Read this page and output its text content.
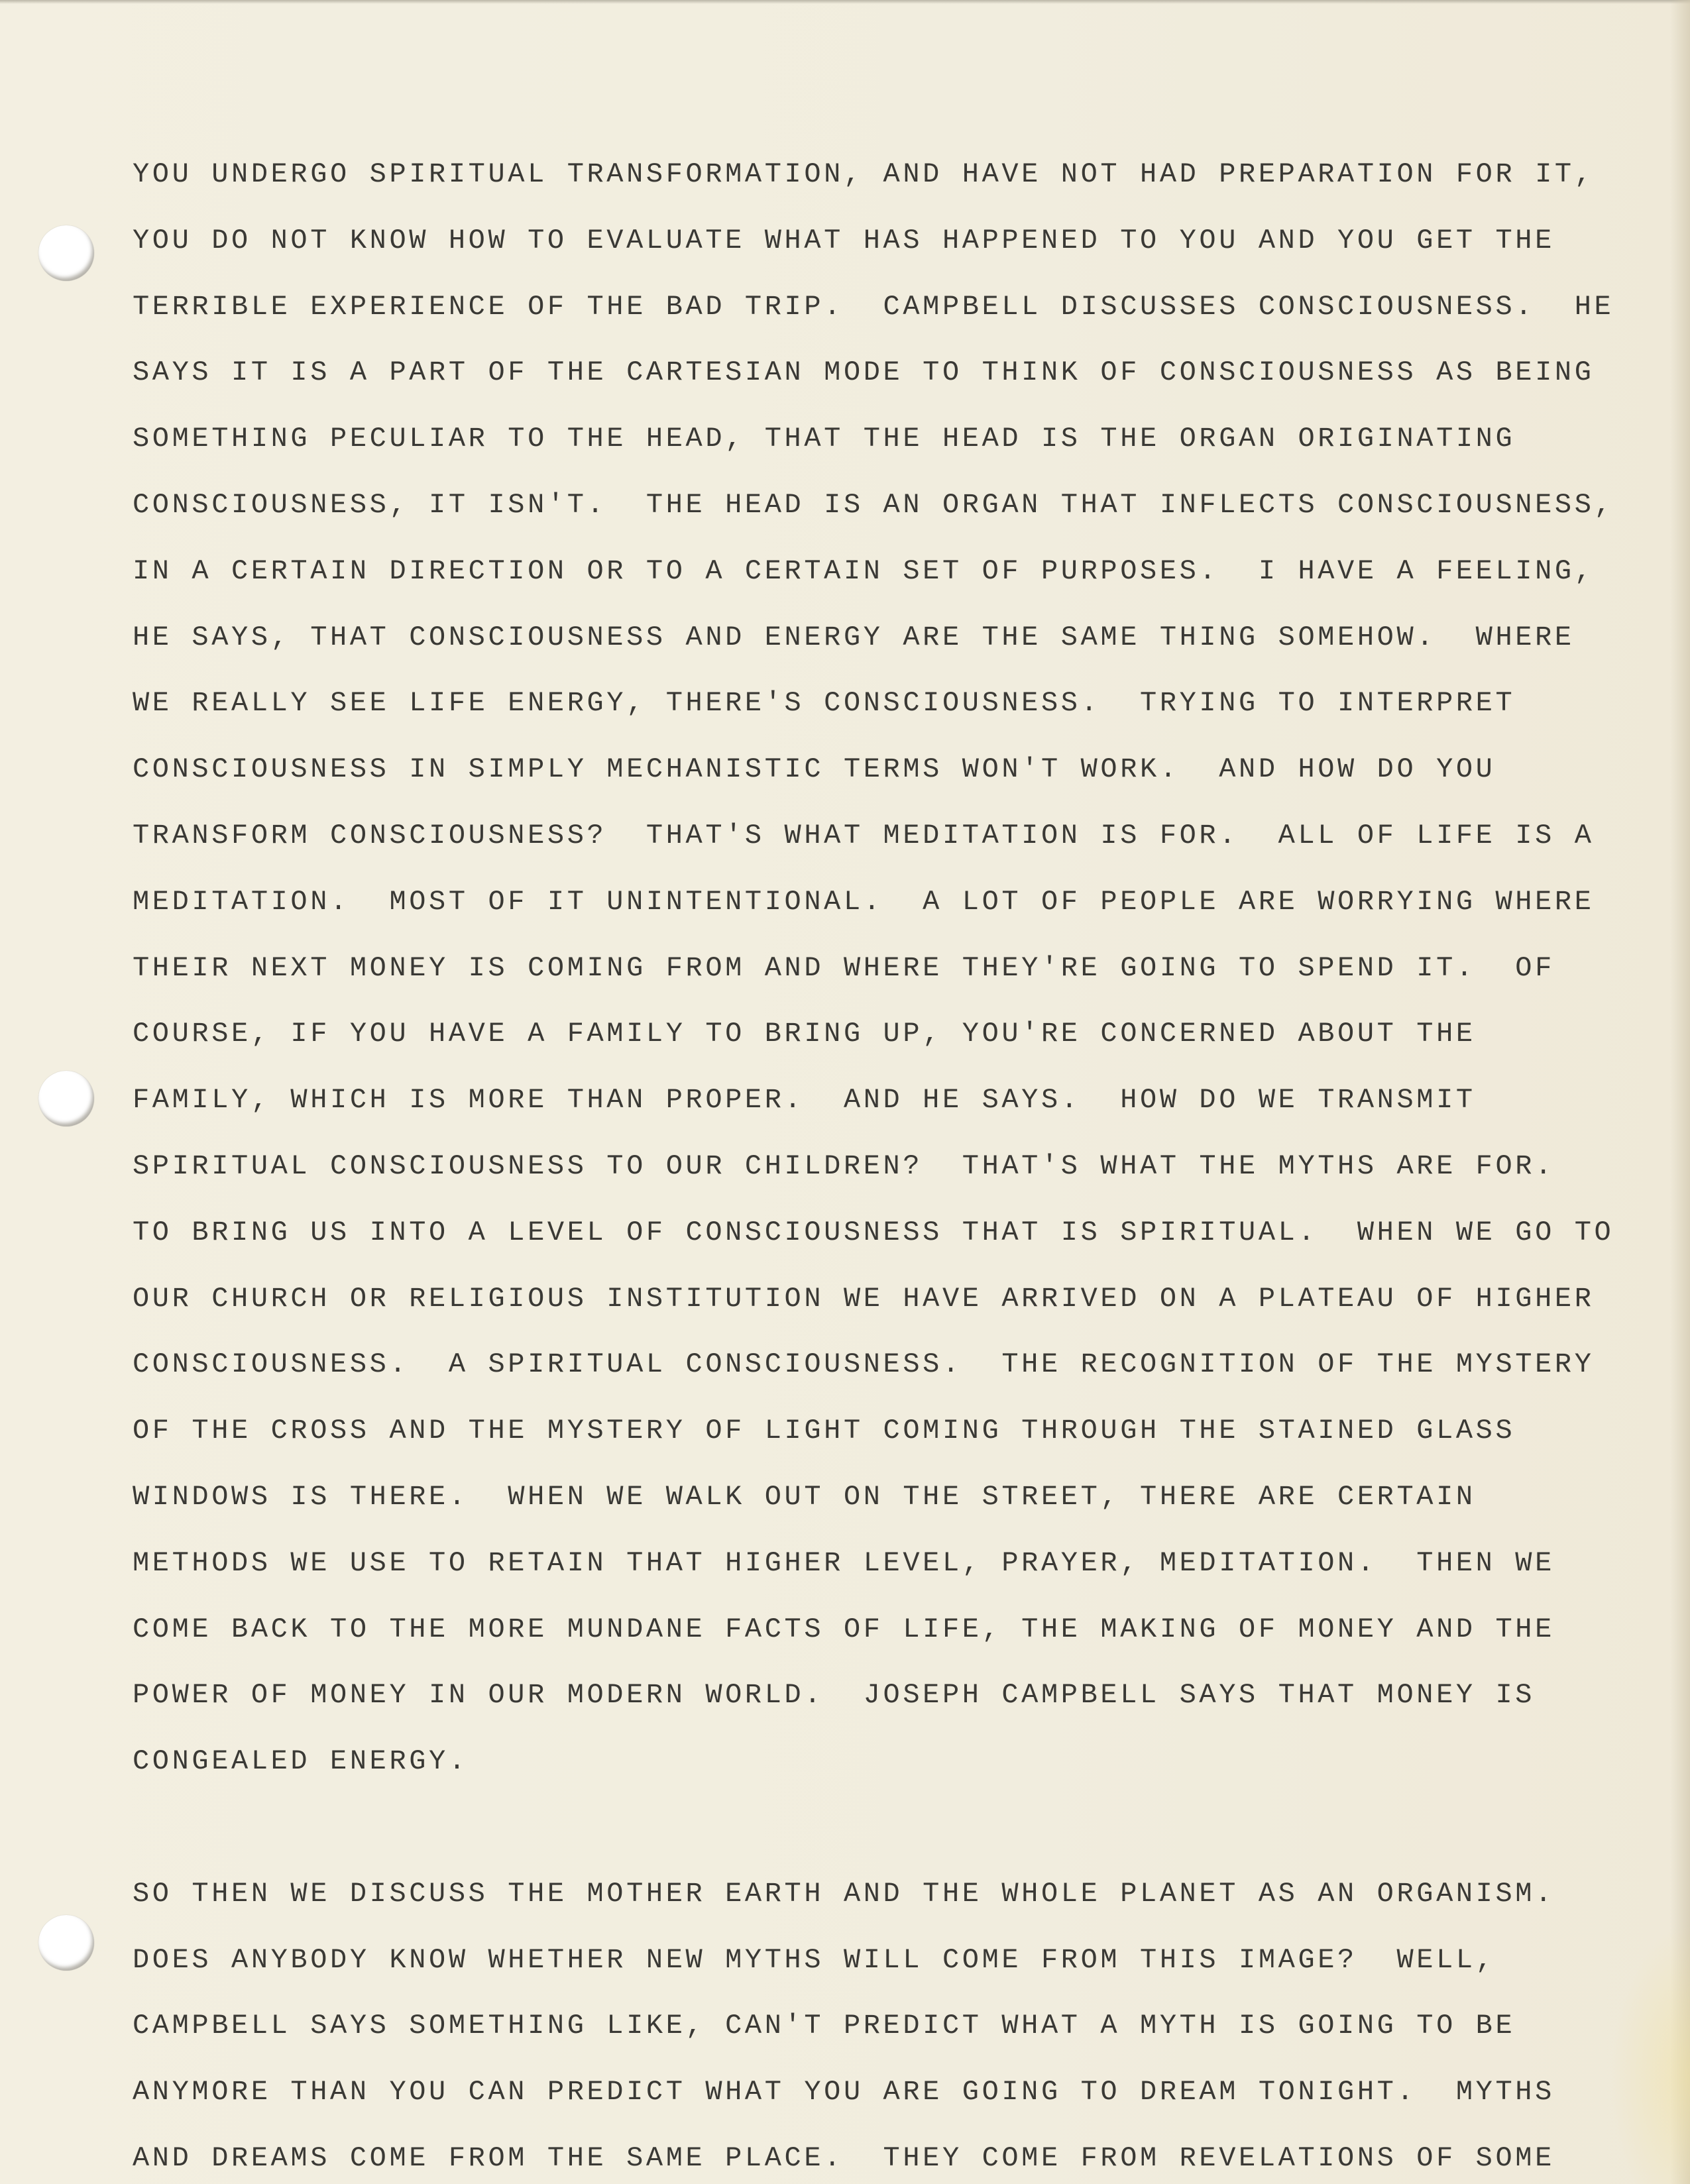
YOU UNDERGO SPIRITUAL TRANSFORMATION, AND HAVE NOT HAD PREPARATION FOR IT,
YOU DO NOT KNOW HOW TO EVALUATE WHAT HAS HAPPENED TO YOU AND YOU GET THE
TERRIBLE EXPERIENCE OF THE BAD TRIP.  CAMPBELL DISCUSSES CONSCIOUSNESS.  HE
SAYS IT IS A PART OF THE CARTESIAN MODE TO THINK OF CONSCIOUSNESS AS BEING
SOMETHING PECULIAR TO THE HEAD, THAT THE HEAD IS THE ORGAN ORIGINATING
CONSCIOUSNESS, IT ISN'T.  THE HEAD IS AN ORGAN THAT INFLECTS CONSCIOUSNESS,
IN A CERTAIN DIRECTION OR TO A CERTAIN SET OF PURPOSES.  I HAVE A FEELING,
HE SAYS, THAT CONSCIOUSNESS AND ENERGY ARE THE SAME THING SOMEHOW.  WHERE
WE REALLY SEE LIFE ENERGY, THERE'S CONSCIOUSNESS.  TRYING TO INTERPRET
CONSCIOUSNESS IN SIMPLY MECHANISTIC TERMS WON'T WORK.  AND HOW DO YOU
TRANSFORM CONSCIOUSNESS?  THAT'S WHAT MEDITATION IS FOR.  ALL OF LIFE IS A
MEDITATION.  MOST OF IT UNINTENTIONAL.  A LOT OF PEOPLE ARE WORRYING WHERE
THEIR NEXT MONEY IS COMING FROM AND WHERE THEY'RE GOING TO SPEND IT.  OF
COURSE, IF YOU HAVE A FAMILY TO BRING UP, YOU'RE CONCERNED ABOUT THE
FAMILY, WHICH IS MORE THAN PROPER.  AND HE SAYS.  HOW DO WE TRANSMIT
SPIRITUAL CONSCIOUSNESS TO OUR CHILDREN?  THAT'S WHAT THE MYTHS ARE FOR.
TO BRING US INTO A LEVEL OF CONSCIOUSNESS THAT IS SPIRITUAL.  WHEN WE GO TO
OUR CHURCH OR RELIGIOUS INSTITUTION WE HAVE ARRIVED ON A PLATEAU OF HIGHER
CONSCIOUSNESS.  A SPIRITUAL CONSCIOUSNESS.  THE RECOGNITION OF THE MYSTERY
OF THE CROSS AND THE MYSTERY OF LIGHT COMING THROUGH THE STAINED GLASS
WINDOWS IS THERE.  WHEN WE WALK OUT ON THE STREET, THERE ARE CERTAIN
METHODS WE USE TO RETAIN THAT HIGHER LEVEL, PRAYER, MEDITATION.  THEN WE
COME BACK TO THE MORE MUNDANE FACTS OF LIFE, THE MAKING OF MONEY AND THE
POWER OF MONEY IN OUR MODERN WORLD.  JOSEPH CAMPBELL SAYS THAT MONEY IS
CONGEALED ENERGY.
SO THEN WE DISCUSS THE MOTHER EARTH AND THE WHOLE PLANET AS AN ORGANISM.
DOES ANYBODY KNOW WHETHER NEW MYTHS WILL COME FROM THIS IMAGE?  WELL,
CAMPBELL SAYS SOMETHING LIKE, CAN'T PREDICT WHAT A MYTH IS GOING TO BE
ANYMORE THAN YOU CAN PREDICT WHAT YOU ARE GOING TO DREAM TONIGHT.  MYTHS
AND DREAMS COME FROM THE SAME PLACE.  THEY COME FROM REVELATIONS OF SOME
